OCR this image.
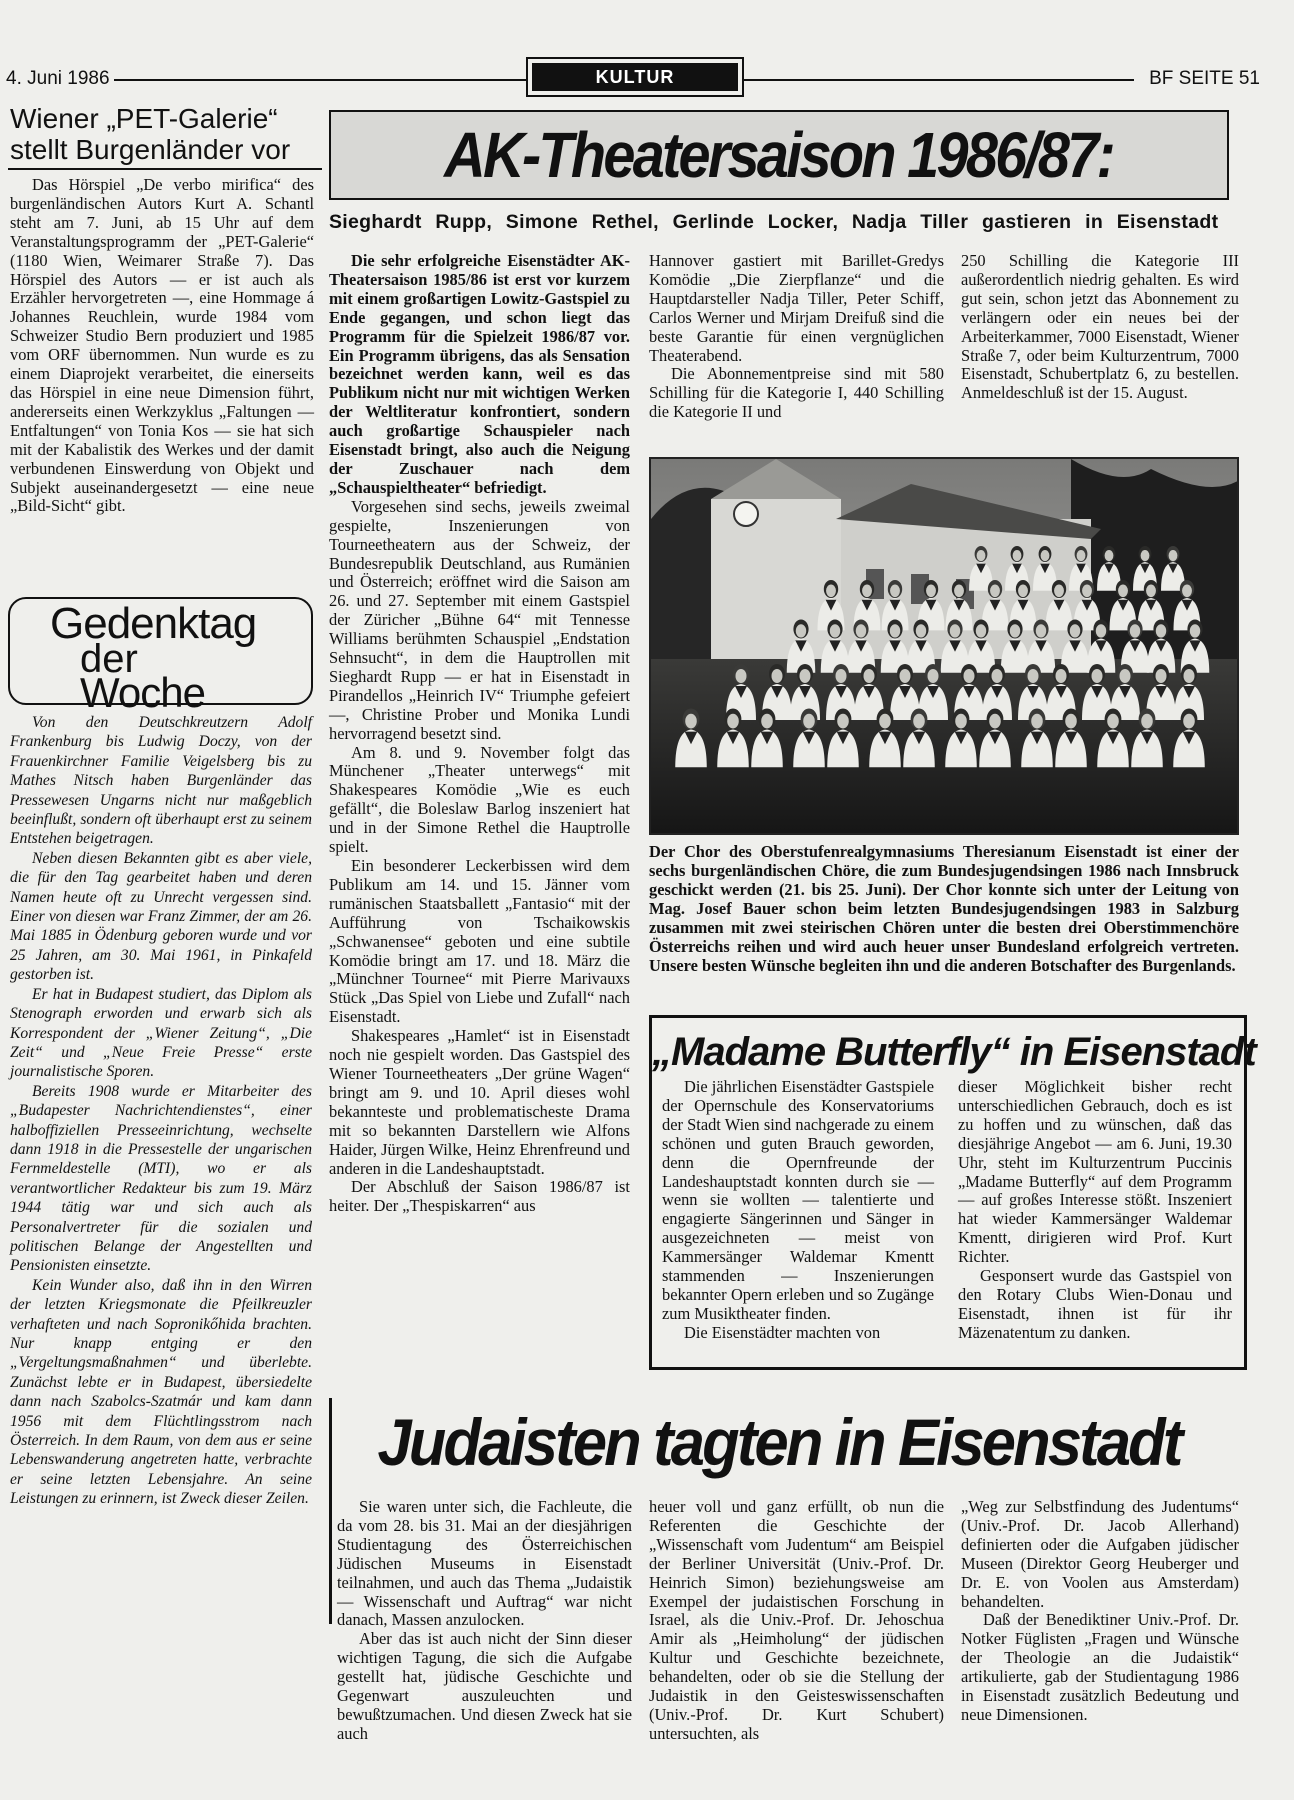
4. Juni 1986	BF SEITE 51
KULTUR
Wiener „PET-Galerie“
stellt Burgenländer vor

Das Hörspiel „De verbo mirifica“ des burgenländischen Autors Kurt A. Schantl steht am 7. Juni, ab 15 Uhr auf dem Veranstaltungsprogramm der „PET-Galerie“ (1180 Wien, Weimarer Straße 7). Das Hörspiel des Autors — er ist auch als Erzähler hervorgetreten —, eine Hommage á Johannes Reuchlein, wurde 1984 vom Schweizer Studio Bern produziert und 1985 vom ORF übernommen. Nun wurde es zu einem Diaprojekt verarbeitet, die einerseits das Hörspiel in eine neue Dimension führt, andererseits einen Werkzyklus „Faltungen — Entfaltungen“ von Tonia Kos — sie hat sich mit der Kabalistik des Werkes und der damit verbundenen Einswerdung von Objekt und Subjekt auseinandergesetzt — eine neue „Bild-Sicht“ gibt.

Gedenktag
der
Woche

Von den Deutschkreutzern Adolf Frankenburg bis Ludwig Doczy, von der Frauenkirchner Familie Veigelsberg bis zu Mathes Nitsch haben Burgenländer das Pressewesen Ungarns nicht nur maßgeblich beeinflußt, sondern oft überhaupt erst zu seinem Entstehen beigetragen.

Neben diesen Bekannten gibt es aber viele, die für den Tag gearbeitet haben und deren Namen heute oft zu Unrecht vergessen sind. Einer von diesen war Franz Zimmer, der am 26. Mai 1885 in Ödenburg geboren wurde und vor 25 Jahren, am 30. Mai 1961, in Pinkafeld gestorben ist.

Er hat in Budapest studiert, das Diplom als Stenograph erworden und erwarb sich als Korrespondent der „Wiener Zeitung“, „Die Zeit“ und „Neue Freie Presse“ erste journalistische Sporen.

Bereits 1908 wurde er Mitarbeiter des „Budapester Nachrichtendienstes“, einer halboffiziellen Presseeinrichtung, wechselte dann 1918 in die Pressestelle der ungarischen Fernmeldestelle (MTI), wo er als verantwortlicher Redakteur bis zum 19. März 1944 tätig war und sich auch als Personalvertreter für die sozialen und politischen Belange der Angestellten und Pensionisten einsetzte.

Kein Wunder also, daß ihn in den Wirren der letzten Kriegsmonate die Pfeilkreuzler verhafteten und nach Sopronikőhida brachten. Nur knapp entging er den „Vergeltungsmaßnahmen“ und überlebte. Zunächst lebte er in Budapest, übersiedelte dann nach Szabolcs-Szatmár und kam dann 1956 mit dem Flüchtlingsstrom nach Österreich. In dem Raum, von dem aus er seine Lebenswanderung angetreten hatte, verbrachte er seine letzten Lebensjahre. An seine Leistungen zu erinnern, ist Zweck dieser Zeilen.

AK-Theatersaison 1986/87:
Sieghardt Rupp, Simone Rethel, Gerlinde Locker, Nadja Tiller gastieren in Eisenstadt

Die sehr erfolgreiche Eisenstädter AK-Theatersaison 1985/86 ist erst vor kurzem mit einem großartigen Lowitz-Gastspiel zu Ende gegangen, und schon liegt das Programm für die Spielzeit 1986/87 vor. Ein Programm übrigens, das als Sensation bezeichnet werden kann, weil es das Publikum nicht nur mit wichtigen Werken der Weltliteratur konfrontiert, sondern auch großartige Schauspieler nach Eisenstadt bringt, also auch die Neigung der Zuschauer nach dem „Schauspieltheater“ befriedigt.

Vorgesehen sind sechs, jeweils zweimal gespielte, Inszenierungen von Tourneetheatern aus der Schweiz, der Bundesrepublik Deutschland, aus Rumänien und Österreich; eröffnet wird die Saison am 26. und 27. September mit einem Gastspiel der Züricher „Bühne 64“ mit Tennesse Williams berühmten Schauspiel „Endstation Sehnsucht“, in dem die Hauptrollen mit Sieghardt Rupp — er hat in Eisenstadt in Pirandellos „Heinrich IV“ Triumphe gefeiert —, Christine Prober und Monika Lundi hervorragend besetzt sind.

Am 8. und 9. November folgt das Münchener „Theater unterwegs“ mit Shakespeares Komödie „Wie es euch gefällt“, die Boleslaw Barlog inszeniert hat und in der Simone Rethel die Hauptrolle spielt.

Ein besonderer Leckerbissen wird dem Publikum am 14. und 15. Jänner vom rumänischen Staatsballett „Fantasio“ mit der Aufführung von Tschaikowskis „Schwanensee“ geboten und eine subtile Komödie bringt am 17. und 18. März die „Münchner Tournee“ mit Pierre Marivauxs Stück „Das Spiel von Liebe und Zufall“ nach Eisenstadt.

Shakespeares „Hamlet“ ist in Eisenstadt noch nie gespielt worden. Das Gastspiel des Wiener Tourneetheaters „Der grüne Wagen“ bringt am 9. und 10. April dieses wohl bekannteste und problematischeste Drama mit so bekannten Darstellern wie Alfons Haider, Jürgen Wilke, Heinz Ehrenfreund und anderen in die Landeshauptstadt.

Der Abschluß der Saison 1986/87 ist heiter. Der „Thespiskarren“ aus

Hannover gastiert mit Barillet-Gredys Komödie „Die Zierpflanze“ und die Hauptdarsteller Nadja Tiller, Peter Schiff, Carlos Werner und Mirjam Dreifuß sind die beste Garantie für einen vergnüglichen Theaterabend.

Die Abonnementpreise sind mit 580 Schilling für die Kategorie I, 440 Schilling die Kategorie II und

250 Schilling die Kategorie III außerordentlich niedrig gehalten. Es wird gut sein, schon jetzt das Abonnement zu verlängern oder ein neues bei der Arbeiterkammer, 7000 Eisenstadt, Wiener Straße 7, oder beim Kulturzentrum, 7000 Eisenstadt, Schubertplatz 6, zu bestellen. Anmeldeschluß ist der 15. August.

Der Chor des Oberstufenrealgymnasiums Theresianum Eisenstadt ist einer der sechs burgenländischen Chöre, die zum Bundesjugendsingen 1986 nach Innsbruck geschickt werden (21. bis 25. Juni). Der Chor konnte sich unter der Leitung von Mag. Josef Bauer schon beim letzten Bundesjugendsingen 1983 in Salzburg zusammen mit zwei steirischen Chören unter die besten drei Oberstimmenchöre Österreichs reihen und wird auch heuer unser Bundesland erfolgreich vertreten. Unsere besten Wünsche begleiten ihn und die anderen Botschafter des Burgenlands.
„Madame Butterfly“ in Eisenstadt

Die jährlichen Eisenstädter Gastspiele der Opernschule des Konservatoriums der Stadt Wien sind nachgerade zu einem schönen und guten Brauch geworden, denn die Opernfreunde der Landeshauptstadt konnten durch sie — wenn sie wollten — talentierte und engagierte Sängerinnen und Sänger in ausgezeichneten — meist von Kammersänger Waldemar Kmentt stammenden — Inszenierungen bekannter Opern erleben und so Zugänge zum Musiktheater finden.

Die Eisenstädter machten von

dieser Möglichkeit bisher recht unterschiedlichen Gebrauch, doch es ist zu hoffen und zu wünschen, daß das diesjährige Angebot — am 6. Juni, 19.30 Uhr, steht im Kulturzentrum Puccinis „Madame Butterfly“ auf dem Programm — auf großes Interesse stößt. Inszeniert hat wieder Kammersänger Waldemar Kmentt, dirigieren wird Prof. Kurt Richter.

Gesponsert wurde das Gastspiel von den Rotary Clubs Wien-Donau und Eisenstadt, ihnen ist für ihr Mäzenatentum zu danken.

Judaisten tagten in Eisenstadt

Sie waren unter sich, die Fachleute, die da vom 28. bis 31. Mai an der diesjährigen Studientagung des Österreichischen Jüdischen Museums in Eisenstadt teilnahmen, und auch das Thema „Judaistik — Wissenschaft und Auftrag“ war nicht danach, Massen anzulocken.

Aber das ist auch nicht der Sinn dieser wichtigen Tagung, die sich die Aufgabe gestellt hat, jüdische Geschichte und Gegenwart auszuleuchten und bewußtzumachen. Und diesen Zweck hat sie auch

heuer voll und ganz erfüllt, ob nun die Referenten die Geschichte der „Wissenschaft vom Judentum“ am Beispiel der Berliner Universität (Univ.-Prof. Dr. Heinrich Simon) beziehungsweise am Exempel der judaistischen Forschung in Israel, als die Univ.-Prof. Dr. Jehoschua Amir als „Heimholung“ der jüdischen Kultur und Geschichte bezeichnete, behandelten, oder ob sie die Stellung der Judaistik in den Geisteswissenschaften (Univ.-Prof. Dr. Kurt Schubert) untersuchten, als

„Weg zur Selbstfindung des Judentums“ (Univ.-Prof. Dr. Jacob Allerhand) definierten oder die Aufgaben jüdischer Museen (Direktor Georg Heuberger und Dr. E. von Voolen aus Amsterdam) behandelten.

Daß der Benediktiner Univ.-Prof. Dr. Notker Füglisten „Fragen und Wünsche der Theologie an die Judaistik“ artikulierte, gab der Studientagung 1986 in Eisenstadt zusätzlich Bedeutung und neue Dimensionen.
